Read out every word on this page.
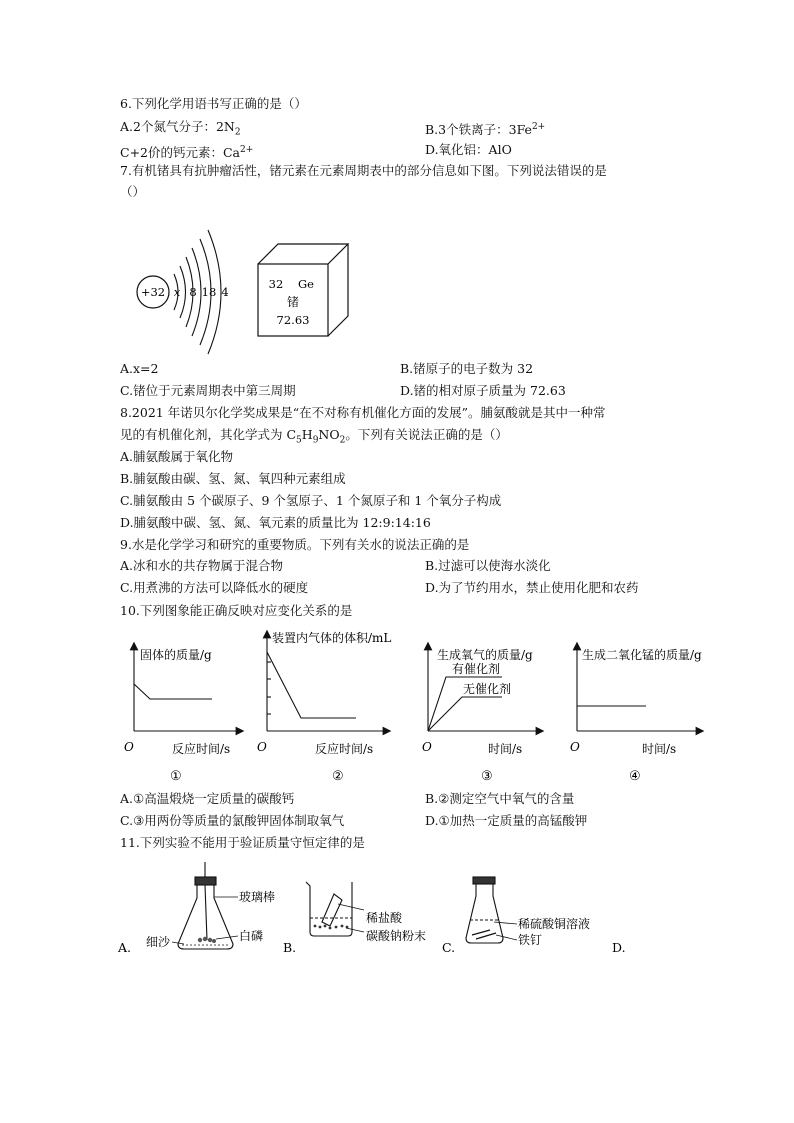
6.下列化学用语书写正确的是（）
A.2个氮气分子：$2N_2$	B.3个铁离子：$3Fe^{2+}$
C+2价的钙元素：$Ca^{2+}$	D.氧化铝：AlO
7.有机锗具有抗肿瘤活性，锗元素在元素周期表中的部分信息如下图。下列说法错误的是
（）
+32 x 8 18 4
32 Ge
锗
72.63
A.x=2	B.锗原子的电子数为 32
C.锗位于元素周期表中第三周期	D.锗的相对原子质量为 72.63
8.2021 年诺贝尔化学奖成果是“在不对称有机催化方面的发展”。脯氨酸就是其中一种常
见的有机催化剂，其化学式为 $C_5H_9NO_2$。下列有关说法正确的是（）
A.脯氨酸属于氧化物
B.脯氨酸由碳、氢、氮、氧四种元素组成
C.脯氨酸由 5 个碳原子、9 个氢原子、1 个氮原子和 1 个氧分子构成
D.脯氨酸中碳、氢、氮、氧元素的质量比为 12:9:14:16
9.水是化学学习和研究的重要物质。下列有关水的说法正确的是
A.冰和水的共存物属于混合物	B.过滤可以使海水淡化
C.用煮沸的方法可以降低水的硬度	D.为了节约用水，禁止使用化肥和农药
10.下列图象能正确反映对应变化关系的是
固体的质量/g
O	反应时间/s
①
装置内气体的体积/mL
O	反应时间/s
②
生成氧气的质量/g
有催化剂
无催化剂
O	时间/s
③
生成二氧化锰的质量/g
O	时间/s
④
A.①高温煅烧一定质量的碳酸钙	B.②测定空气中氧气的含量
C.③用两份等质量的氯酸钾固体制取氧气	D.①加热一定质量的高锰酸钾
11.下列实验不能用于验证质量守恒定律的是
A.
玻璃棒
白磷
细沙	B.
稀盐酸
碳酸钠粉末
C.
稀硫酸铜溶液
铁钉	D.
